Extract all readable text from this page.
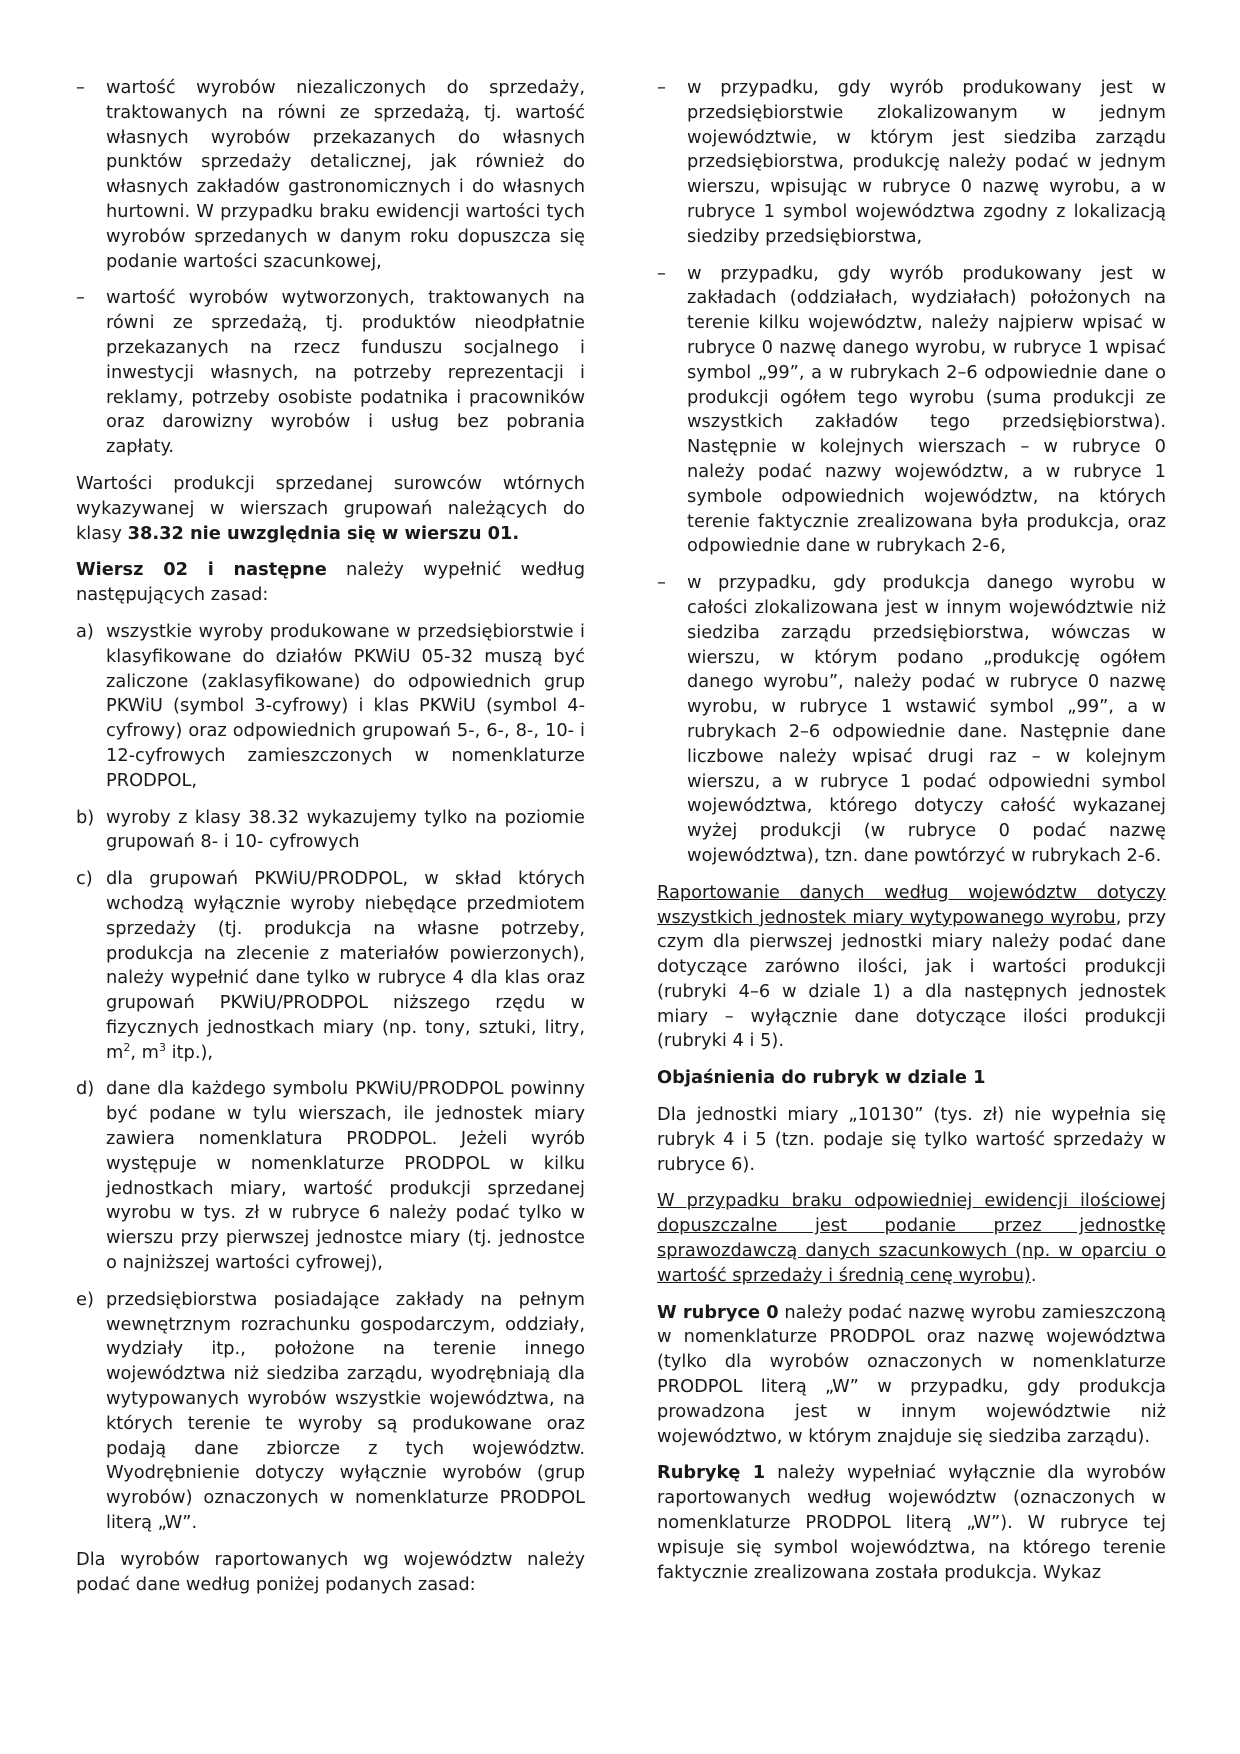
–	wartość wyrobów niezaliczonych do sprzedaży, traktowanych na równi ze sprzedażą, tj. wartość własnych wyrobów przekazanych do własnych punktów sprzedaży detalicznej, jak również do własnych zakładów gastronomicznych i do własnych hurtowni. W przypadku braku ewidencji wartości tych wyrobów sprzedanych w danym roku dopuszcza się podanie wartości szacunkowej,
–	wartość wyrobów wytworzonych, traktowanych na równi ze sprzedażą, tj. produktów nieodpłatnie przekazanych na rzecz funduszu socjalnego i inwestycji własnych, na potrzeby reprezentacji i reklamy, potrzeby osobiste podatnika i pracowników oraz darowizny wyrobów i usług bez pobrania zapłaty.

Wartości produkcji sprzedanej surowców wtórnych wykazywanej w wierszach grupowań należących do klasy 38.32 nie uwzględnia się w wierszu 01.

Wiersz 02 i następne należy wypełnić według następujących zasad:

a) wszystkie wyroby produkowane w przedsiębiorstwie i klasyfikowane do działów PKWiU 05-32 muszą być zaliczone (zaklasyfikowane) do odpowiednich grup PKWiU (symbol 3-cyfrowy) i klas PKWiU (symbol 4-cyfrowy) oraz odpowiednich grupowań 5-, 6-, 8-, 10- i 12-cyfrowych zamieszczonych w nomenklaturze PRODPOL,
b) wyroby z klasy 38.32 wykazujemy tylko na poziomie grupowań 8- i 10- cyfrowych
c) dla grupowań PKWiU/PRODPOL, w skład których wchodzą wyłącznie wyroby niebędące przedmiotem sprzedaży (tj. produkcja na własne potrzeby, produkcja na zlecenie z materiałów powierzonych), należy wypełnić dane tylko w rubryce 4 dla klas oraz grupowań PKWiU/PRODPOL niższego rzędu w fizycznych jednostkach miary (np. tony, sztuki, litry, $m^2$, $m^3$ itp.),
d) dane dla każdego symbolu PKWiU/PRODPOL powinny być podane w tylu wierszach, ile jednostek miary zawiera nomenklatura PRODPOL. Jeżeli wyrób występuje w nomenklaturze PRODPOL w kilku jednostkach miary, wartość produkcji sprzedanej wyrobu w tys. zł w rubryce 6 należy podać tylko w wierszu przy pierwszej jednostce miary (tj. jednostce o najniższej wartości cyfrowej),
e) przedsiębiorstwa posiadające zakłady na pełnym wewnętrznym rozrachunku gospodarczym, oddziały, wydziały itp., położone na terenie innego województwa niż siedziba zarządu, wyodrębniają dla wytypowanych wyrobów wszystkie województwa, na których terenie te wyroby są produkowane oraz podają dane zbiorcze z tych województw. Wyodrębnienie dotyczy wyłącznie wyrobów (grup wyrobów) oznaczonych w nomenklaturze PRODPOL literą „W”.

Dla wyrobów raportowanych wg województw należy podać dane według poniżej podanych zasad:

–	w przypadku, gdy wyrób produkowany jest w przedsiębiorstwie zlokalizowanym w jednym województwie, w którym jest siedziba zarządu przedsiębiorstwa, produkcję należy podać w jednym wierszu, wpisując w rubryce 0 nazwę wyrobu, a w rubryce 1 symbol województwa zgodny z lokalizacją siedziby przedsiębiorstwa,
–	w przypadku, gdy wyrób produkowany jest w zakładach (oddziałach, wydziałach) położonych na terenie kilku województw, należy najpierw wpisać w rubryce 0 nazwę danego wyrobu, w rubryce 1 wpisać symbol „99”, a w rubrykach 2–6 odpowiednie dane o produkcji ogółem tego wyrobu (suma produkcji ze wszystkich zakładów tego przedsiębiorstwa). Następnie w kolejnych wierszach – w rubryce 0 należy podać nazwy województw, a w rubryce 1 symbole odpowiednich województw, na których terenie faktycznie zrealizowana była produkcja, oraz odpowiednie dane w rubrykach 2-6,
–	w przypadku, gdy produkcja danego wyrobu w całości zlokalizowana jest w innym województwie niż siedziba zarządu przedsiębiorstwa, wówczas w wierszu, w którym podano „produkcję ogółem danego wyrobu”, należy podać w rubryce 0 nazwę wyrobu, w rubryce 1 wstawić symbol „99”, a w rubrykach 2–6 odpowiednie dane. Następnie dane liczbowe należy wpisać drugi raz – w kolejnym wierszu, a w rubryce 1 podać odpowiedni symbol województwa, którego dotyczy całość wykazanej wyżej produkcji (w rubryce 0 podać nazwę województwa), tzn. dane powtórzyć w rubrykach 2-6.

Raportowanie danych według województw dotyczy wszystkich jednostek miary wytypowanego wyrobu, przy czym dla pierwszej jednostki miary należy podać dane dotyczące zarówno ilości, jak i wartości produkcji (rubryki 4–6 w dziale 1) a dla następnych jednostek miary – wyłącznie dane dotyczące ilości produkcji (rubryki 4 i 5).

Objaśnienia do rubryk w dziale 1

Dla jednostki miary „10130” (tys. zł) nie wypełnia się rubryk 4 i 5 (tzn. podaje się tylko wartość sprzedaży w rubryce 6).

W przypadku braku odpowiedniej ewidencji ilościowej dopuszczalne jest podanie przez jednostkę sprawozdawczą danych szacunkowych (np. w oparciu o wartość sprzedaży i średnią cenę wyrobu).

W rubryce 0 należy podać nazwę wyrobu zamieszczoną w nomenklaturze PRODPOL oraz nazwę województwa (tylko dla wyrobów oznaczonych w nomenklaturze PRODPOL literą „W” w przypadku, gdy produkcja prowadzona jest w innym województwie niż województwo, w którym znajduje się siedziba zarządu).

Rubrykę 1 należy wypełniać wyłącznie dla wyrobów raportowanych według województw (oznaczonych w nomenklaturze PRODPOL literą „W”). W rubryce tej wpisuje się symbol województwa, na którego terenie faktycznie zrealizowana została produkcja. Wykaz
